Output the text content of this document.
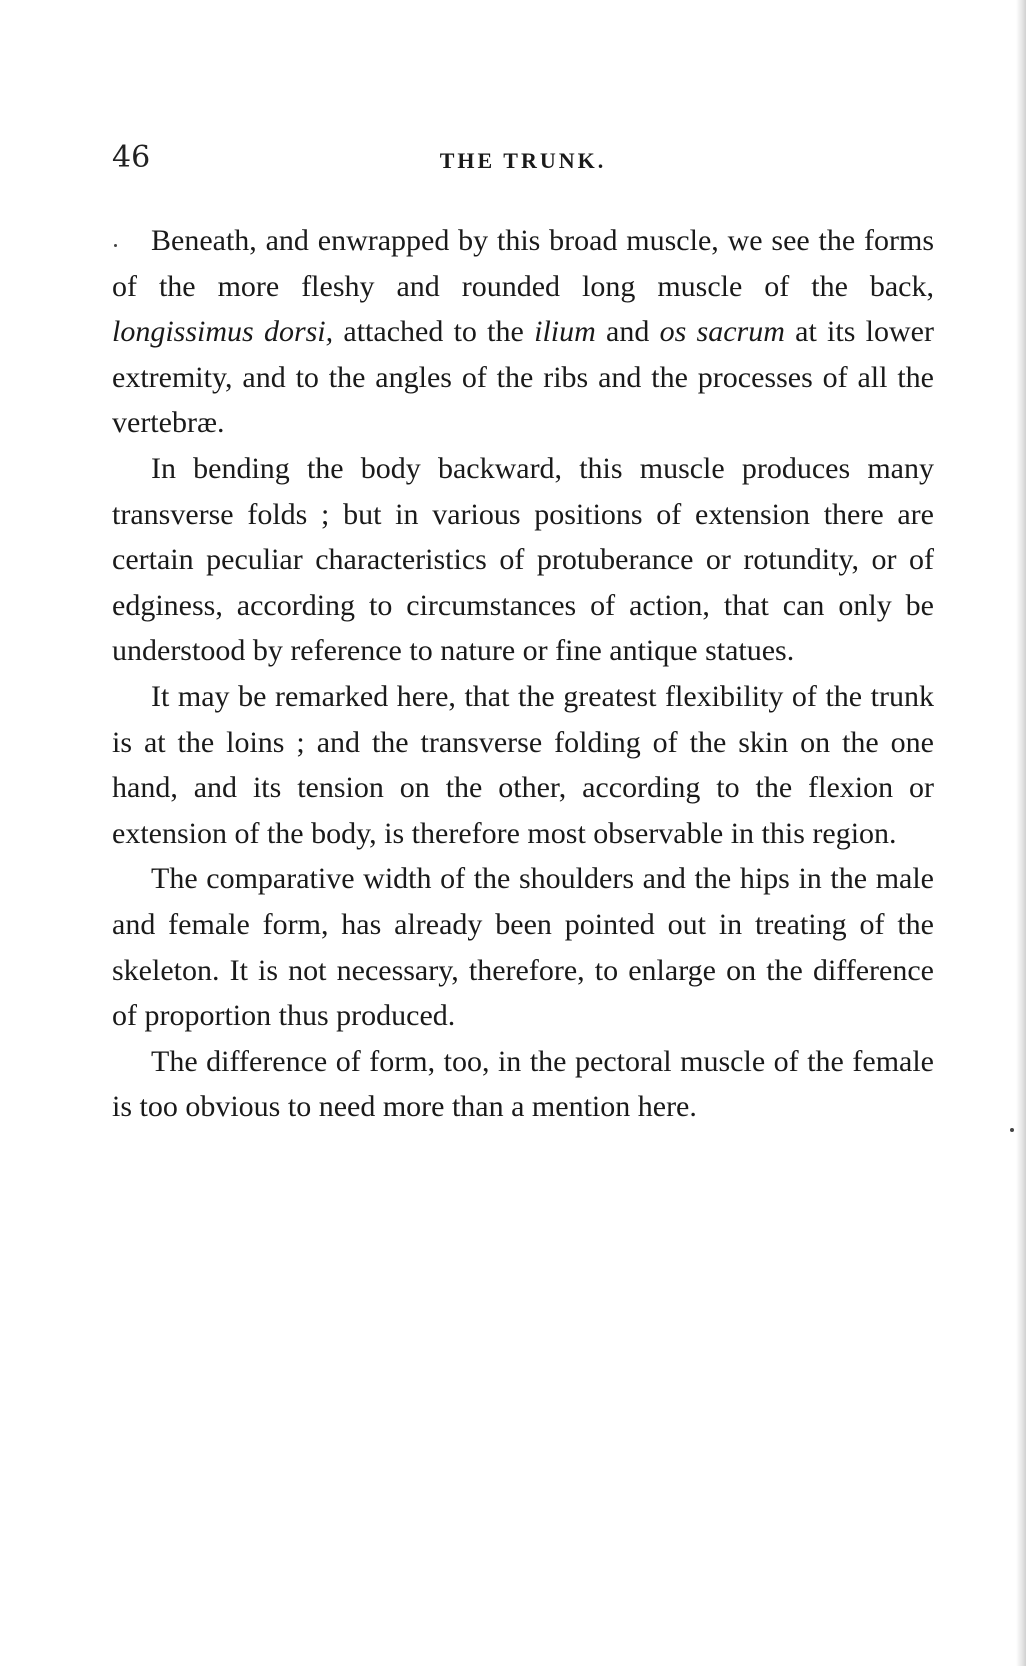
46	THE TRUNK.

Beneath, and enwrapped by this broad muscle, we see the forms of the more fleshy and rounded long muscle of the back, longissimus dorsi, attached to the ilium and os sacrum at its lower extremity, and to the angles of the ribs and the processes of all the vertebræ.

In bending the body backward, this muscle produces many transverse folds ; but in various positions of extension there are certain peculiar characteristics of protuberance or rotundity, or of edginess, according to circumstances of action, that can only be understood by reference to nature or fine antique statues.

It may be remarked here, that the greatest flexibility of the trunk is at the loins ; and the transverse folding of the skin on the one hand, and its tension on the other, according to the flexion or extension of the body, is therefore most observable in this region.

The comparative width of the shoulders and the hips in the male and female form, has already been pointed out in treating of the skeleton. It is not necessary, therefore, to enlarge on the difference of proportion thus produced.

The difference of form, too, in the pectoral muscle of the female is too obvious to need more than a mention here.
